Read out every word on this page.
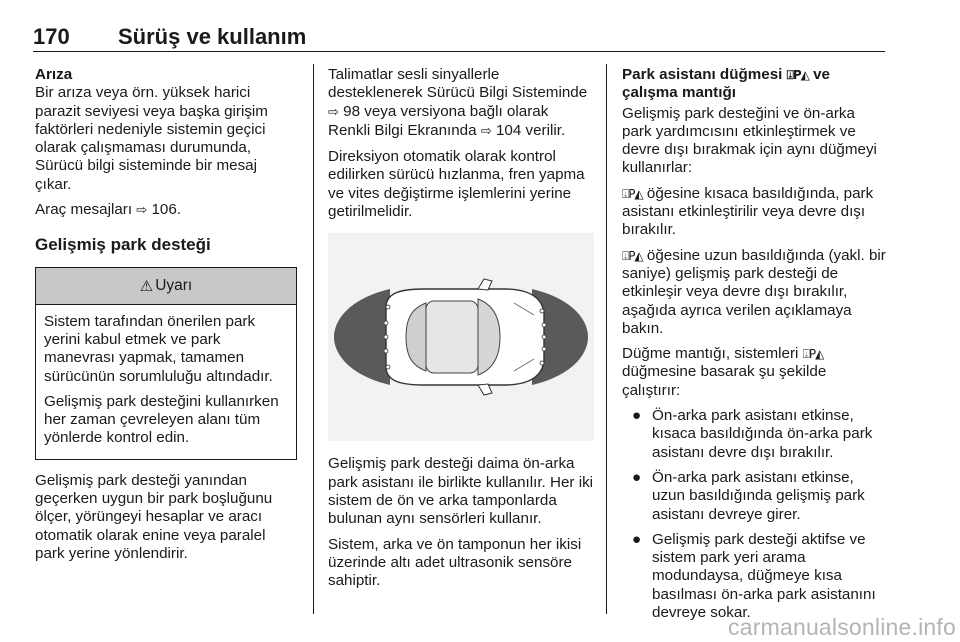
170 Sürüş ve kullanım
Arıza

Bir arıza veya örn. yüksek harici parazit seviyesi veya başka girişim faktörleri nedeniyle sistemin geçici olarak çalışmaması durumunda, Sürücü bilgi sisteminde bir mesaj çıkar.

Araç mesajları ⇨ 106.

Gelişmiş park desteği
⚠ Uyarı

Sistem tarafından önerilen park yerini kabul etmek ve park manevrası yapmak, tamamen sürücünün sorumluluğu altındadır.

Gelişmiş park desteğini kullanırken her zaman çevreleyen alanı tüm yönlerde kontrol edin.

Gelişmiş park desteği yanından geçerken uygun bir park boşluğunu ölçer, yörüngeyi hesaplar ve aracı otomatik olarak enine veya paralel park yerine yönlendirir.

Talimatlar sesli sinyallerle desteklenerek Sürücü Bilgi Sisteminde ⇨ 98 veya versiyona bağlı olarak Renkli Bilgi Ekranında ⇨ 104 verilir.

Direksiyon otomatik olarak kontrol edilirken sürücü hızlanma, fren yapma ve vites değiştirme işlemlerini yerine getirilmelidir.

Gelişmiş park desteği daima ön-arka park asistanı ile birlikte kullanılır. Her iki sistem de ön ve arka tamponlarda bulunan aynı sensörleri kullanır.

Sistem, arka ve ön tamponun her ikisi üzerinde altı adet ultrasonik sensöre sahiptir.

Park asistanı düğmesi ⍗P◭ ve çalışma mantığı

Gelişmiş park desteğini ve ön-arka park yardımcısını etkinleştirmek ve devre dışı bırakmak için aynı düğmeyi kullanırlar:

⍗P◭ öğesine kısaca basıldığında, park asistanı etkinleştirilir veya devre dışı bırakılır.

⍗P◭ öğesine uzun basıldığında (yakl. bir saniye) gelişmiş park desteği de etkinleşir veya devre dışı bırakılır, aşağıda ayrıca verilen açıklamaya bakın.

Düğme mantığı, sistemleri ⍗P◭ düğmesine basarak şu şekilde çalıştırır:

● Ön-arka park asistanı etkinse, kısaca basıldığında ön-arka park asistanı devre dışı bırakılır.
● Ön-arka park asistanı etkinse, uzun basıldığında gelişmiş park asistanı devreye girer.
● Gelişmiş park desteği aktifse ve sistem park yeri arama modundaysa, düğmeye kısa basılması ön-arka park asistanını devreye sokar.
carmanualsonline.info
